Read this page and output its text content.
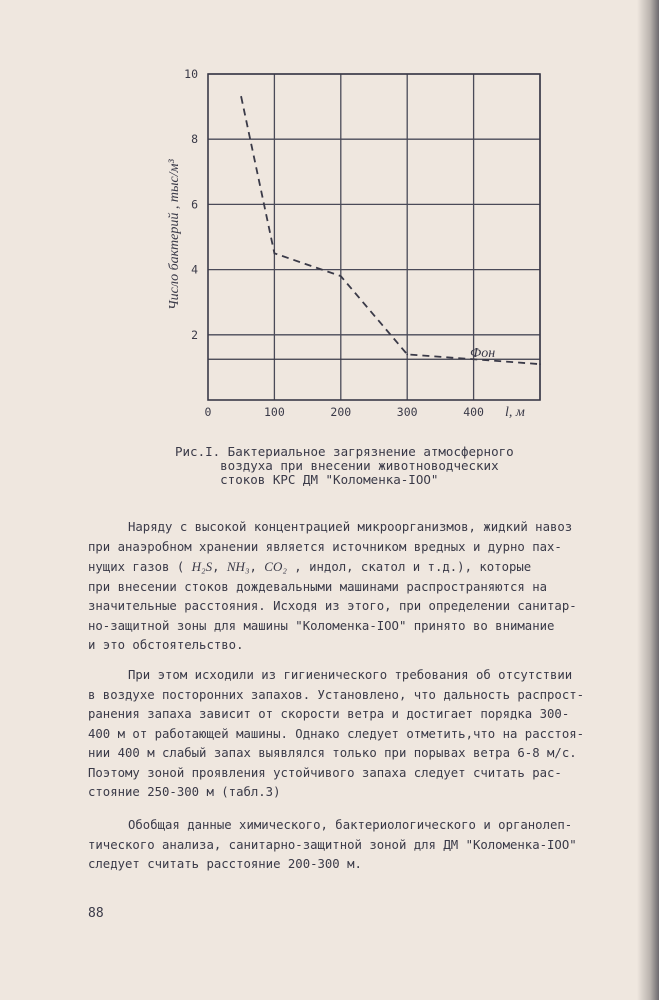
0	100	200	300	400
2
4
6
8
10
Число бактерий , тыс/м³
l, м
Фон
Рис.I. Бактериальное загрязнение атмосферного
воздуха при внесении животноводческих
стоков КРС ДМ "Коломенка-IOO"
Наряду с высокой концентрацией микроорганизмов, жидкий навоз
при анаэробном хранении является источником вредных и дурно пах-
нущих газов ( H₂S, NH₃, CO₂ , индол, скатол и т.д.), которые
при внесении стоков дождевальными машинами распространяются на
значительные расстояния. Исходя из этого, при определении санитар-
но-защитной зоны для машины "Коломенка-IOO" принято во внимание
и это обстоятельство.
При этом исходили из гигиенического требования об отсутствии
в воздухе посторонних запахов. Установлено, что дальность распрост-
ранения запаха зависит от скорости ветра и достигает порядка 300-
400 м от работающей машины. Однако следует отметить,что на расстоя-
нии 400 м слабый запах выявлялся только при порывах ветра 6-8 м/с.
Поэтому зоной проявления устойчивого запаха следует считать рас-
стояние 250-300 м (табл.3)
Обобщая данные химического, бактериологического и органолеп-
тического анализа, санитарно-защитной зоной для ДМ "Коломенка-IOO"
следует считать расстояние 200-300 м.
88
